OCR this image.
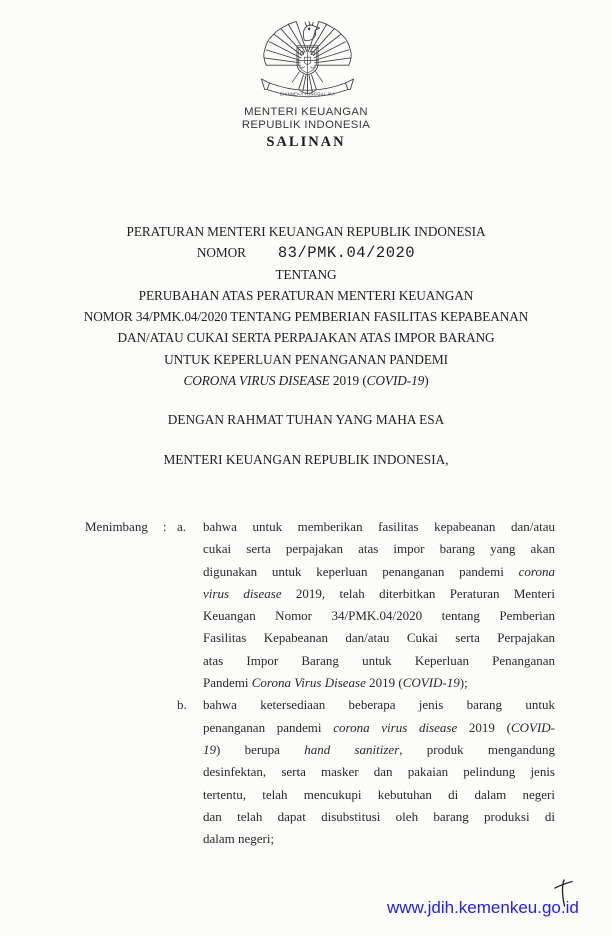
BHINNEKA TUNGGAL IKA
MENTERI KEUANGAN
REPUBLIK INDONESIA
SALINAN
PERATURAN MENTERI KEUANGAN REPUBLIK INDONESIA
NOMOR 83/PMK.04/2020
TENTANG
PERUBAHAN ATAS PERATURAN MENTERI KEUANGAN
NOMOR 34/PMK.04/2020 TENTANG PEMBERIAN FASILITAS KEPABEANAN
DAN/ATAU CUKAI SERTA PERPAJAKAN ATAS IMPOR BARANG
UNTUK KEPERLUAN PENANGANAN PANDEMI
CORONA VIRUS DISEASE 2019 (COVID-19)
DENGAN RAHMAT TUHAN YANG MAHA ESA
MENTERI KEUANGAN REPUBLIK INDONESIA,
Menimbang : a. bahwa untuk memberikan fasilitas kepabeanan dan/atau
cukai serta perpajakan atas impor barang yang akan
digunakan untuk keperluan penanganan pandemi corona
virus disease 2019, telah diterbitkan Peraturan Menteri
Keuangan Nomor 34/PMK.04/2020 tentang Pemberian
Fasilitas Kepabeanan dan/atau Cukai serta Perpajakan
atas Impor Barang untuk Keperluan Penanganan
Pandemi Corona Virus Disease 2019 (COVID-19);
b. bahwa ketersediaan beberapa jenis barang untuk
penanganan pandemi corona virus disease 2019 (COVID-
19) berupa hand sanitizer, produk mengandung
desinfektan, serta masker dan pakaian pelindung jenis
tertentu, telah mencukupi kebutuhan di dalam negeri
dan telah dapat disubstitusi oleh barang produksi di
dalam negeri;
www.jdih.kemenkeu.go.id
